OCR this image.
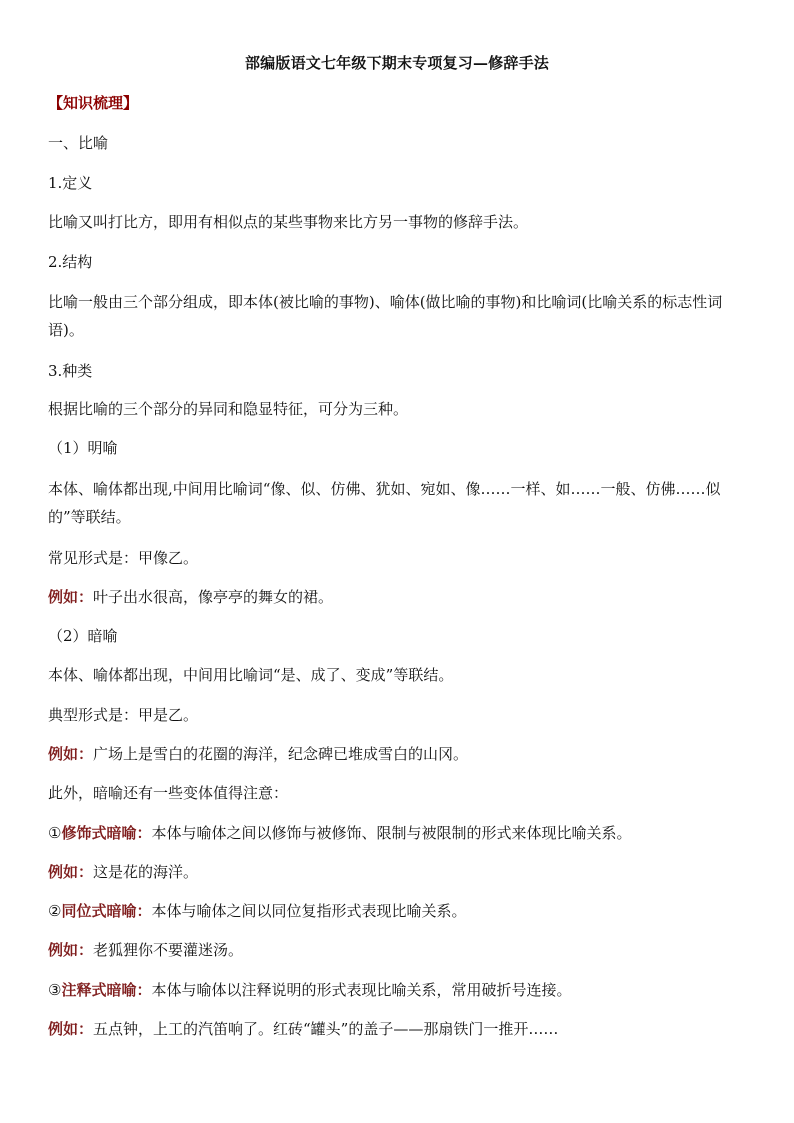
部编版语文七年级下期末专项复习—修辞手法
【知识梳理】
一、比喻
1.定义
比喻又叫打比方，即用有相似点的某些事物来比方另一事物的修辞手法。
2.结构
比喻一般由三个部分组成，即本体(被比喻的事物)、喻体(做比喻的事物)和比喻词(比喻关系的标志性词语)。
3.种类
根据比喻的三个部分的异同和隐显特征，可分为三种。
（1）明喻
本体、喻体都出现,中间用比喻词“像、似、仿佛、犹如、宛如、像……一样、如……一般、仿佛……似的”等联结。
常见形式是：甲像乙。
例如：叶子出水很高，像亭亭的舞女的裙。
（2）暗喻
本体、喻体都出现，中间用比喻词“是、成了、变成”等联结。
典型形式是：甲是乙。
例如：广场上是雪白的花圈的海洋，纪念碑已堆成雪白的山冈。
此外，暗喻还有一些变体值得注意：
①修饰式暗喻：本体与喻体之间以修饰与被修饰、限制与被限制的形式来体现比喻关系。
例如：这是花的海洋。
②同位式暗喻：本体与喻体之间以同位复指形式表现比喻关系。
例如：老狐狸你不要灌迷汤。
③注释式暗喻：本体与喻体以注释说明的形式表现比喻关系，常用破折号连接。
例如：五点钟，上工的汽笛响了。红砖“罐头”的盖子——那扇铁门一推开……
